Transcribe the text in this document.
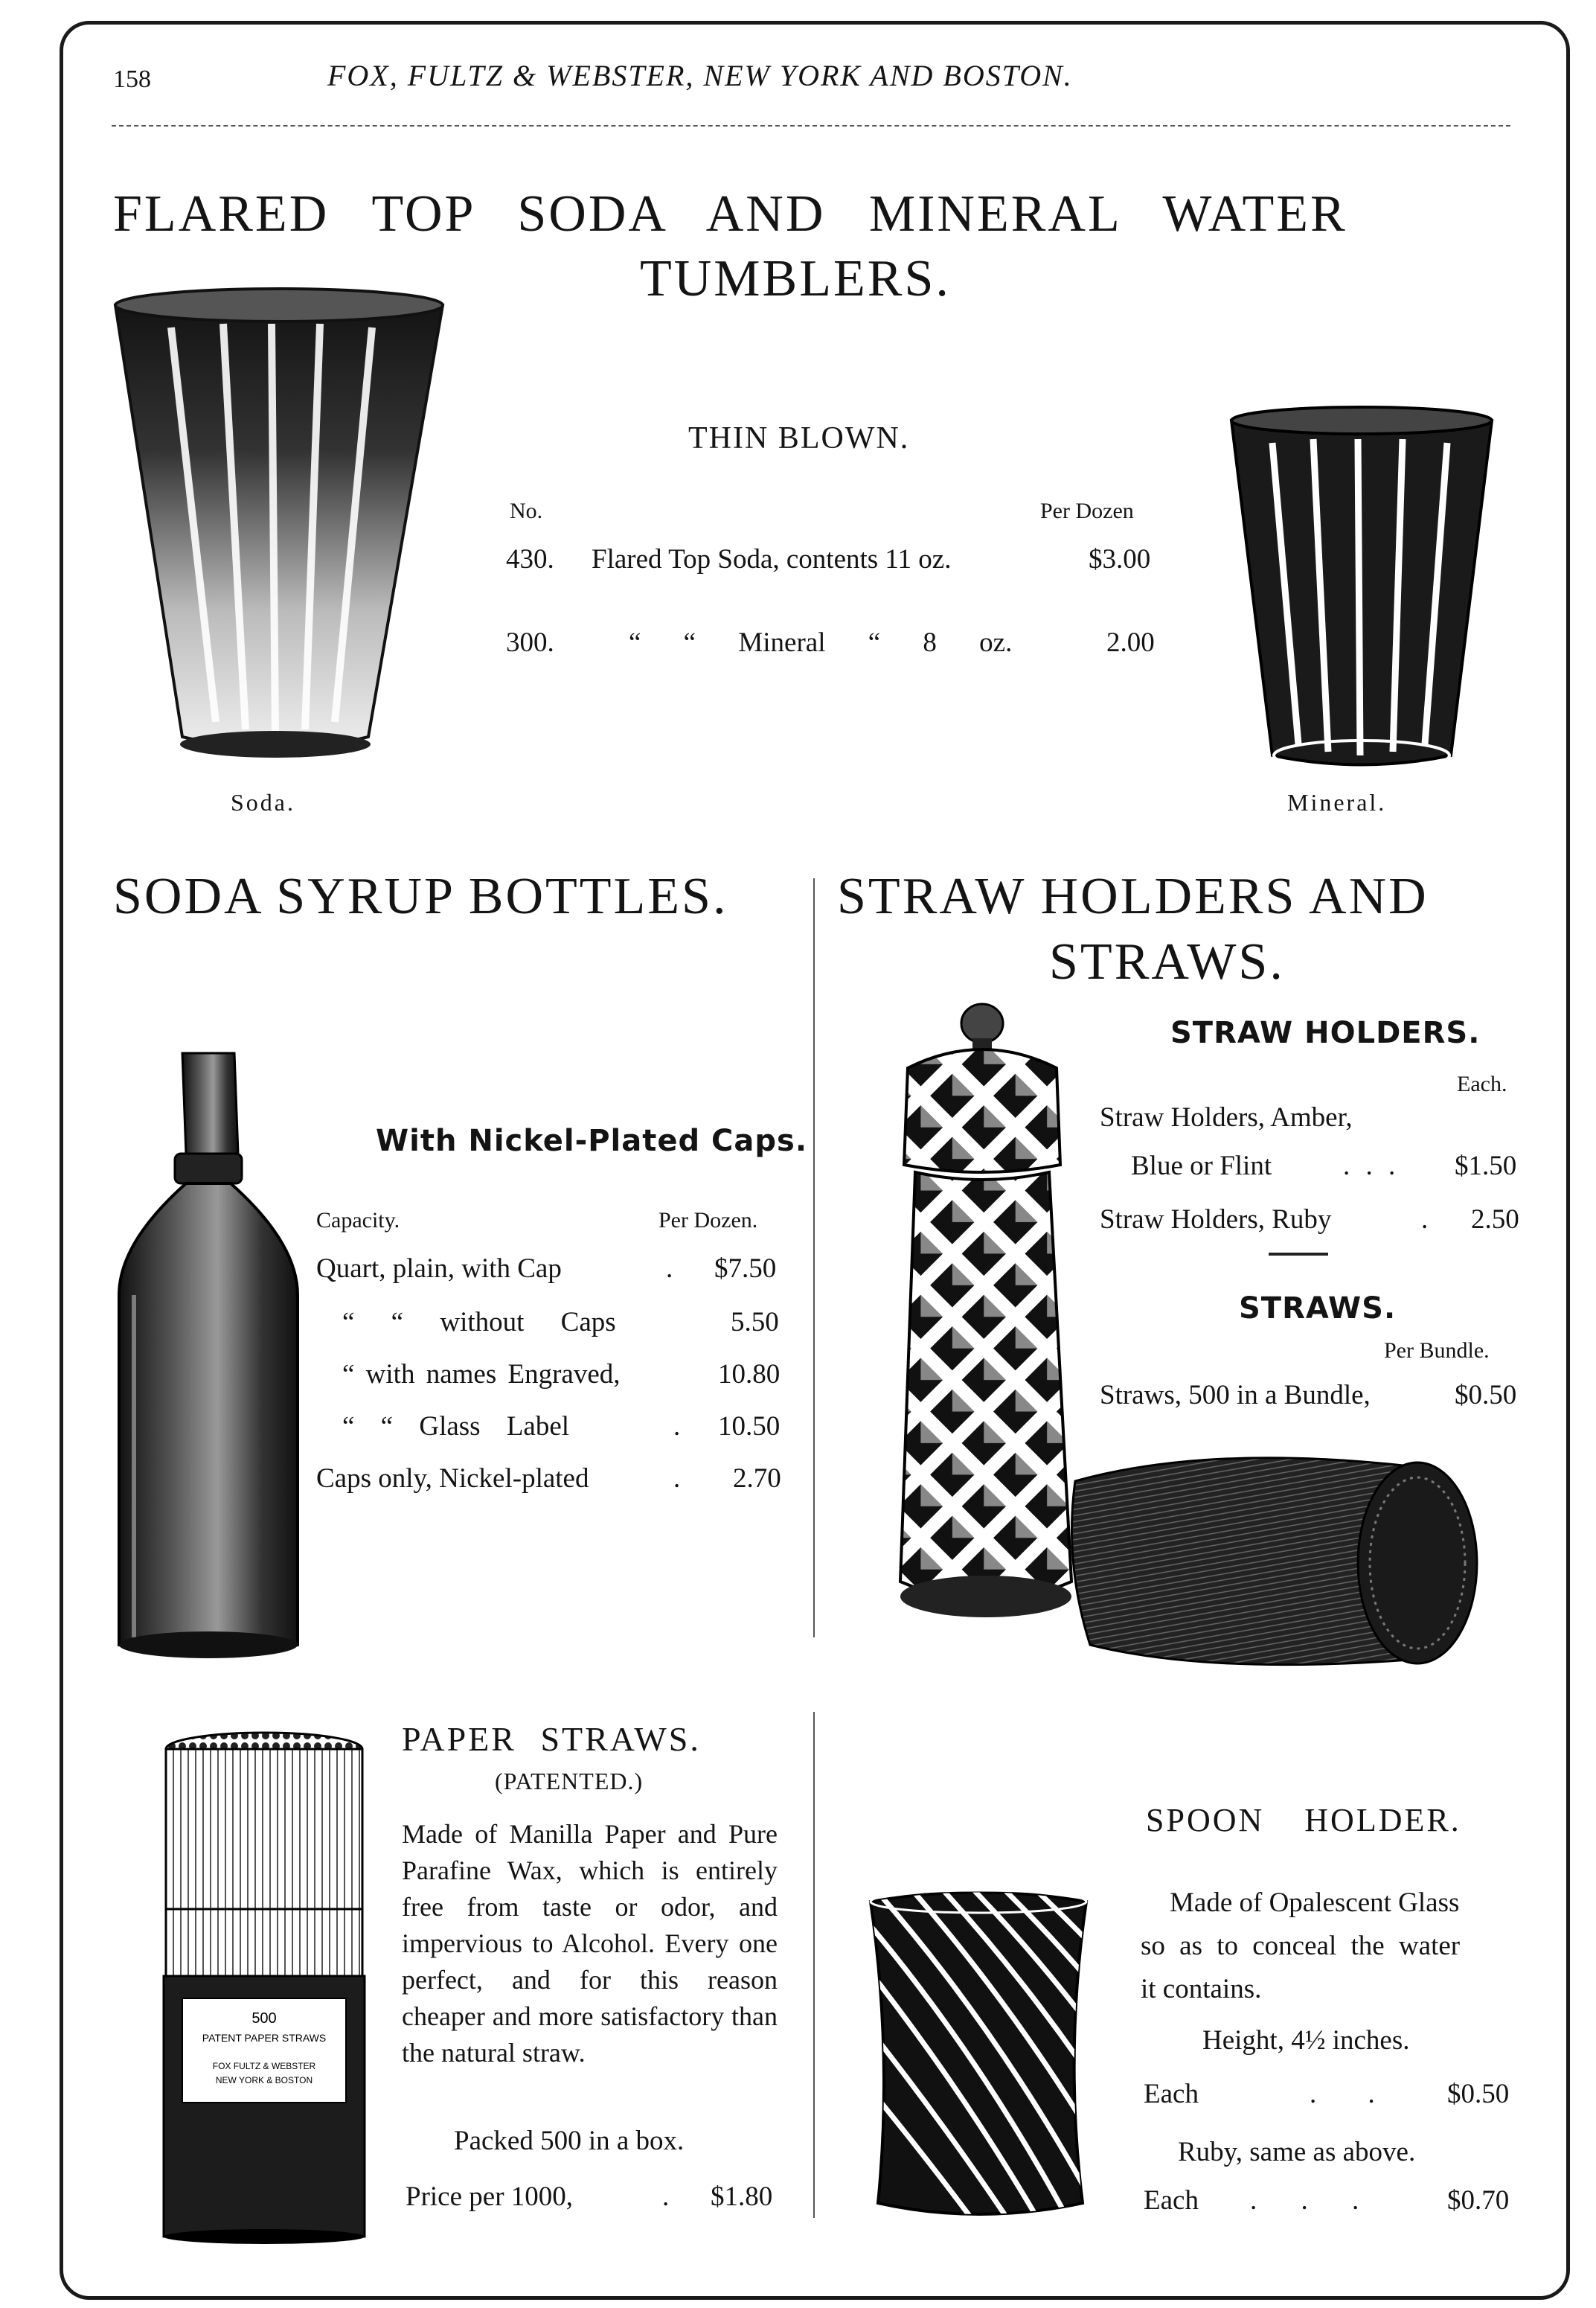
158	FOX, FULTZ & WEBSTER, NEW YORK AND BOSTON.
FLARED TOP SODA AND MINERAL WATER
TUMBLERS.
Soda.	Mineral.
THIN BLOWN.
No.	Per Dozen
430. Flared Top Soda, contents 11 oz.	$3.00
300.	“ “ Mineral “ 8 oz.	2.00
SODA SYRUP BOTTLES.
With Nickel-Plated Caps.
Capacity.	Per Dozen.
Quart, plain, with Cap	. $7.50
“ “ without Caps	5.50
“ with names Engraved,	10.80
“ “ Glass Label	. 10.50
Caps only, Nickel-plated	. 2.70
STRAW HOLDERS AND
STRAWS.
STRAW HOLDERS.
Each.
Straw Holders, Amber,
Blue or Flint	. . . $1.50
Straw Holders, Ruby	. 2.50
STRAWS.
Per Bundle.
Straws, 500 in a Bundle,	$0.50
500
PATENT PAPER STRAWS
FOX FULTZ & WEBSTER
NEW YORK & BOSTON
PAPER STRAWS.
(PATENTED.)
Made of Manilla Paper and Pure Parafine Wax, which is entirely free from taste or odor, and impervious to Alcohol. Every one perfect, and for this reason cheaper and more satisfactory than the natural straw.
Packed 500 in a box.
Price per 1000,	. $1.80
SPOON HOLDER.
Made of Opalescent Glass
so as to conceal the water
it contains.
Height, 4½ inches.
Each	. .	$0.50
Ruby, same as above.
Each . . .	$0.70
